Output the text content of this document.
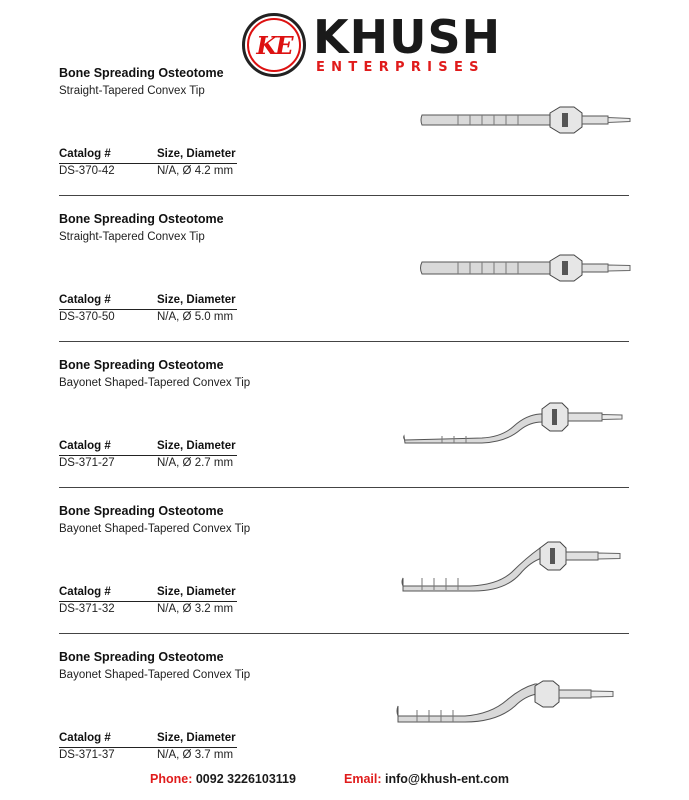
KE KHUSH
ENTERPRISES
Bone Spreading Osteotome
Straight-Tapered Convex Tip
Catalog #	Size, Diameter
DS-370-42	N/A, Ø 4.2 mm
Bone Spreading Osteotome
Straight-Tapered Convex Tip
Catalog #	Size, Diameter
DS-370-50	N/A, Ø 5.0 mm
Bone Spreading Osteotome
Bayonet Shaped-Tapered Convex Tip
Catalog #	Size, Diameter
DS-371-27	N/A, Ø 2.7 mm
Bone Spreading Osteotome
Bayonet Shaped-Tapered Convex Tip
Catalog #	Size, Diameter
DS-371-32	N/A, Ø 3.2 mm
Bone Spreading Osteotome
Bayonet Shaped-Tapered Convex Tip
Catalog #	Size, Diameter
DS-371-37	N/A, Ø 3.7 mm
Phone: 0092 3226103119	Email: info@khush-ent.com
